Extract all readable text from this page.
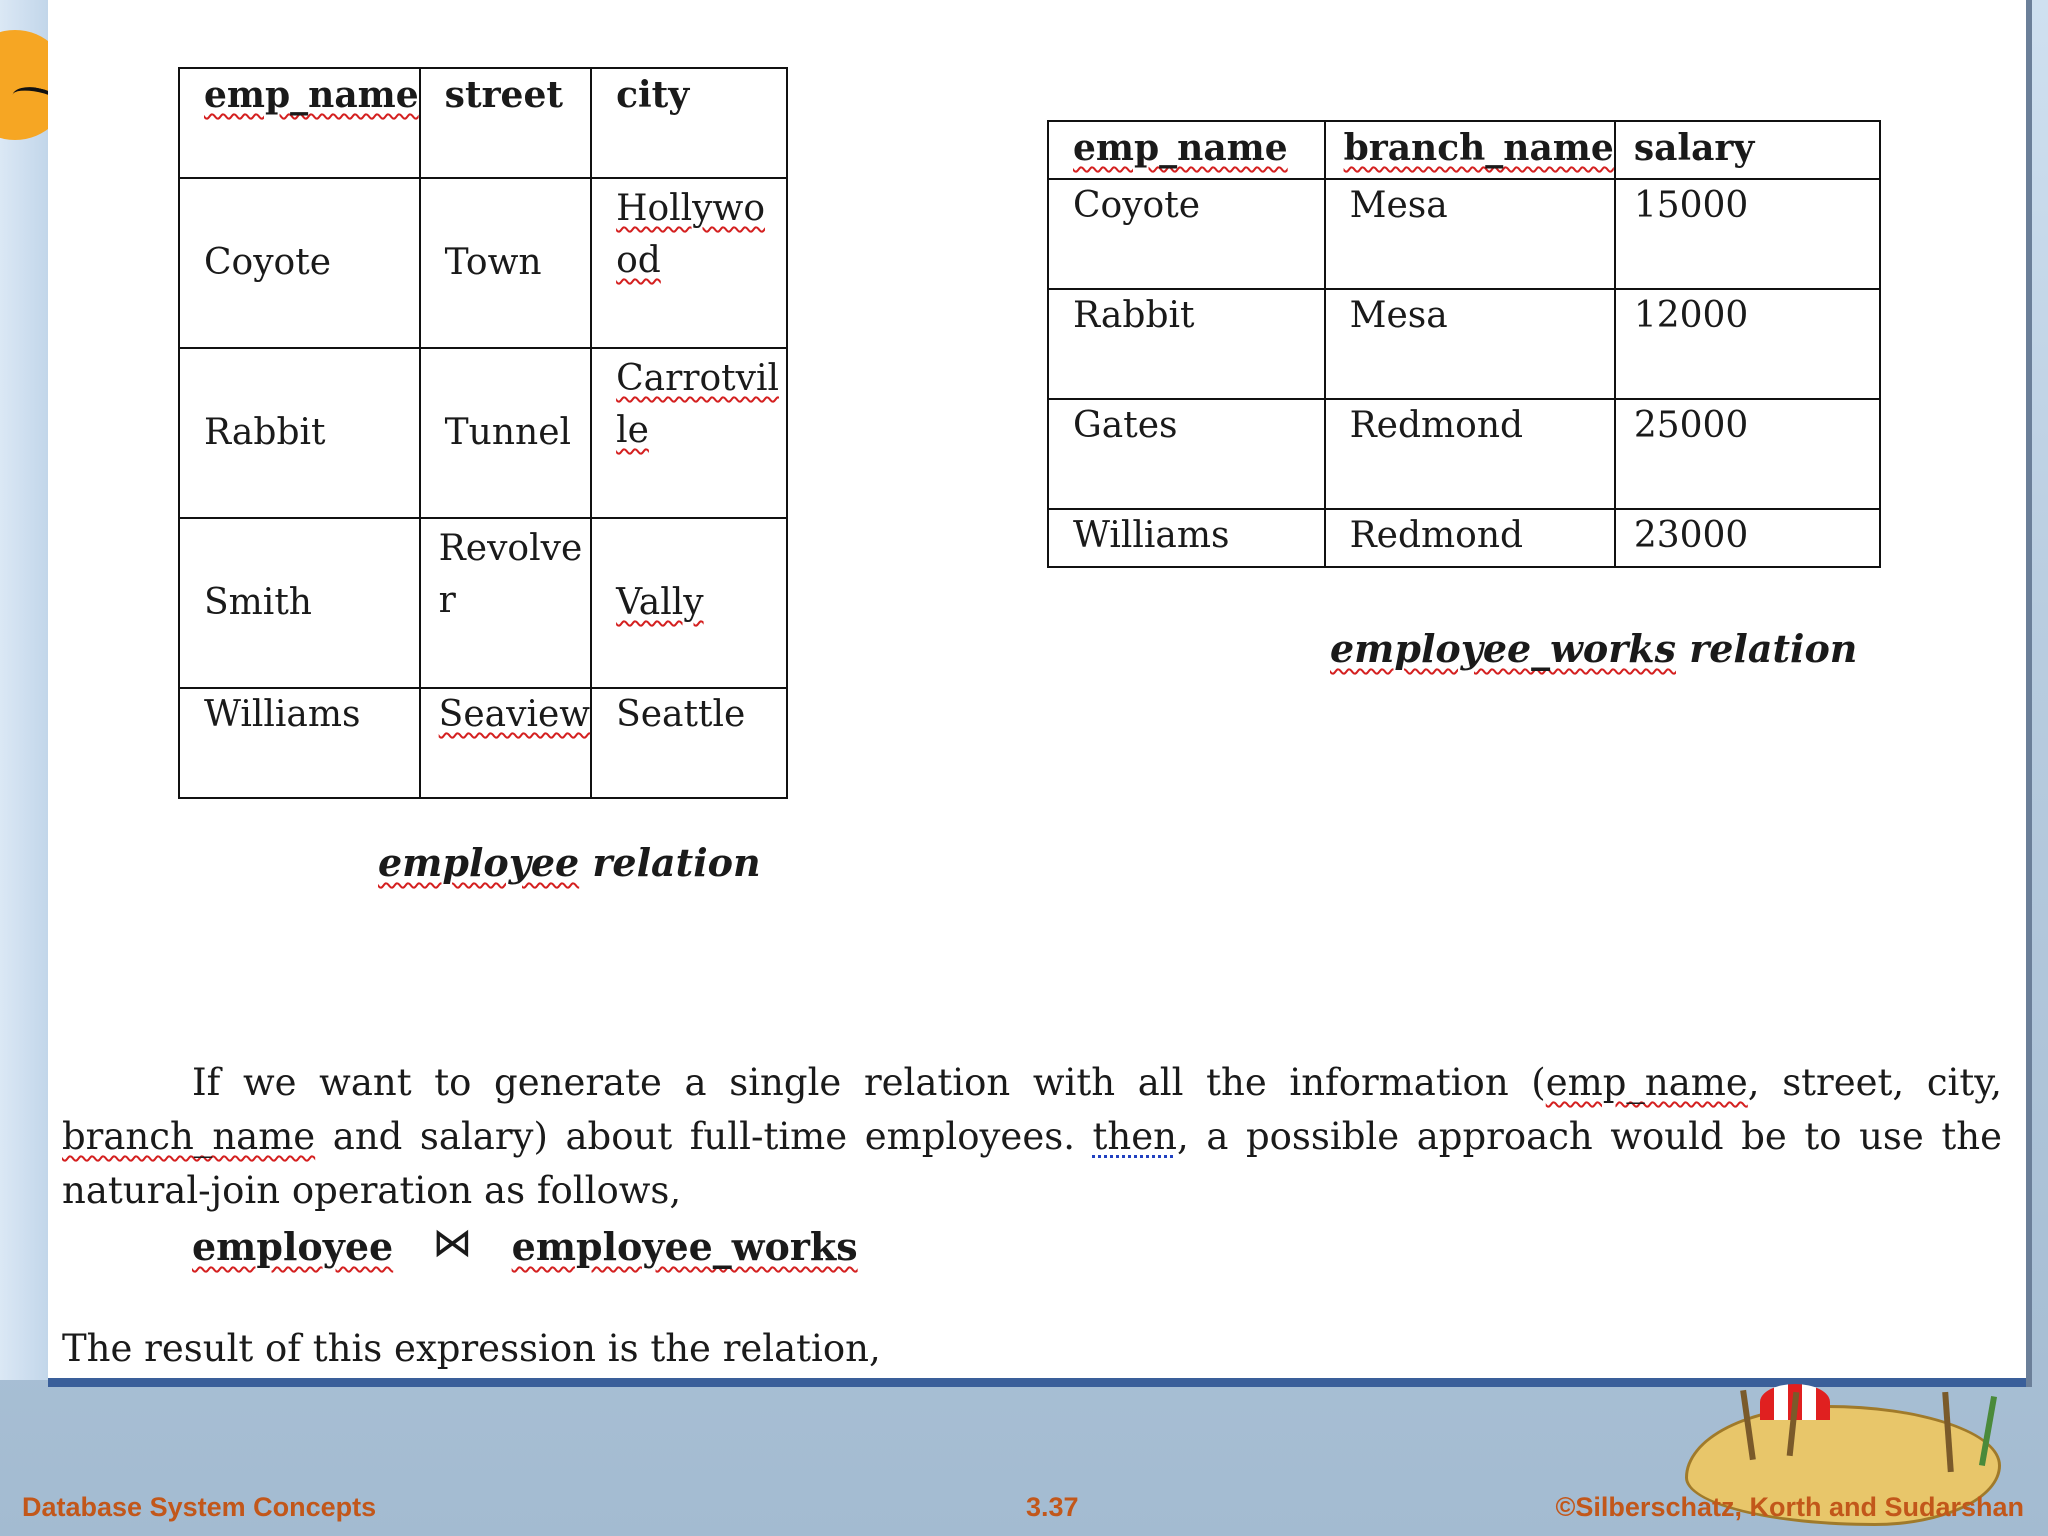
emp_name	street	city
Coyote	Town	Hollywood
Rabbit	Tunnel	Carrotville
Smith	Revolver	Vally
Williams	Seaview	Seattle
employee relation
emp_name	branch_name	salary
Coyote	Mesa	15000
Rabbit	Mesa	12000
Gates	Redmond	25000
Williams	Redmond	23000
employee_works relation

If we want to generate a single relation with all the information (emp_name, street, city, branch_name and salary) about full-time employees. then, a possible approach would be to use the natural-join operation as follows,

employee ⋈ employee_works

The result of this expression is the relation,

Database System Concepts	3.37	©Silberschatz, Korth and Sudarshan
